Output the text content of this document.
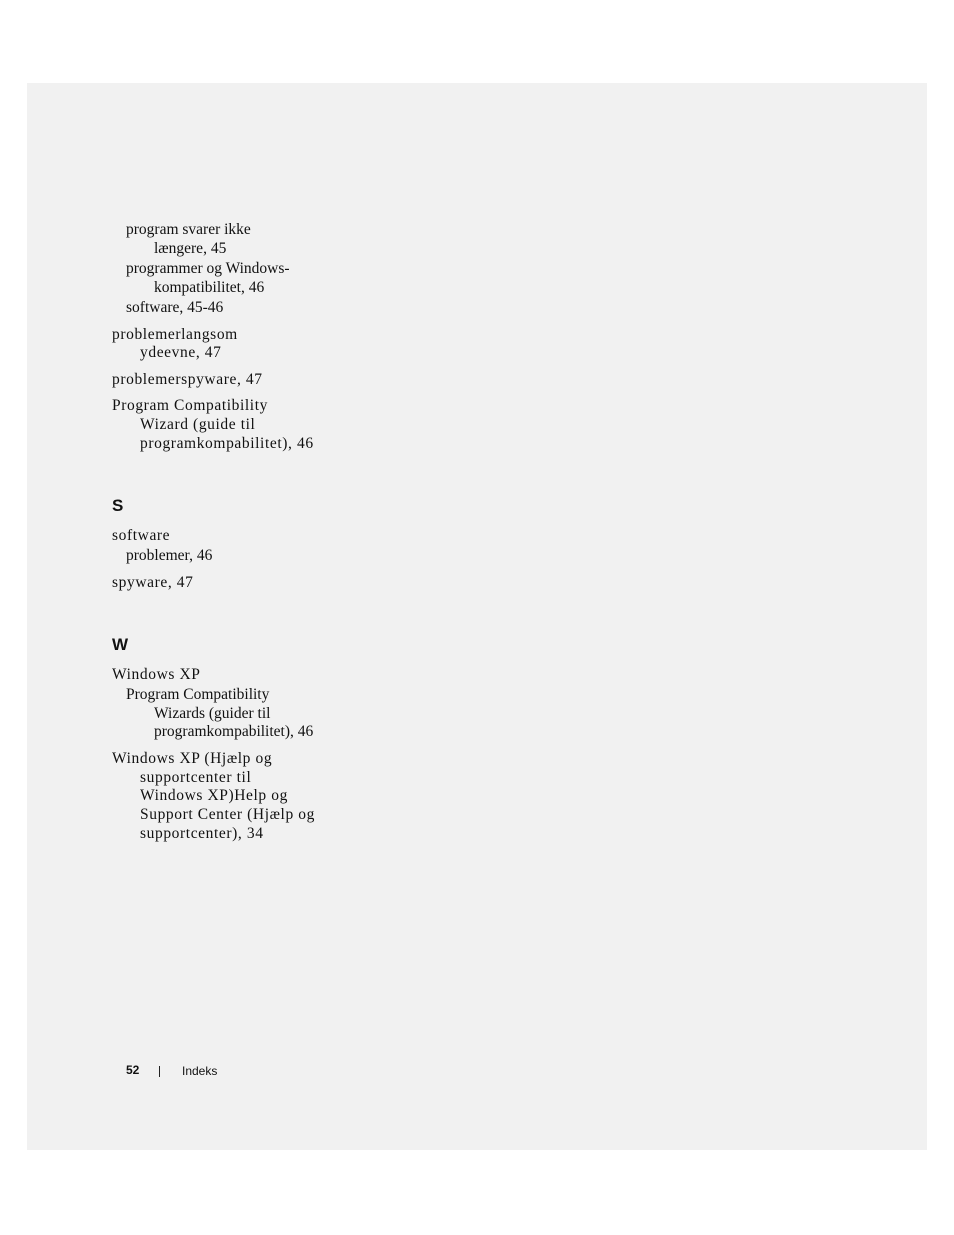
program svarer ikke
længere, 45
programmer og Windows-
kompatibilitet, 46
software, 45-46
problemerlangsom
ydeevne, 47
problemerspyware, 47
Program Compatibility
Wizard (guide til
programkompabilitet), 46
S
software
problemer, 46
spyware, 47
W
Windows XP
Program Compatibility
Wizards (guider til
programkompabilitet), 46
Windows XP (Hjælp og
supportcenter til
Windows XP)Help og
Support Center (Hjælp og
supportcenter), 34
52	Indeks
